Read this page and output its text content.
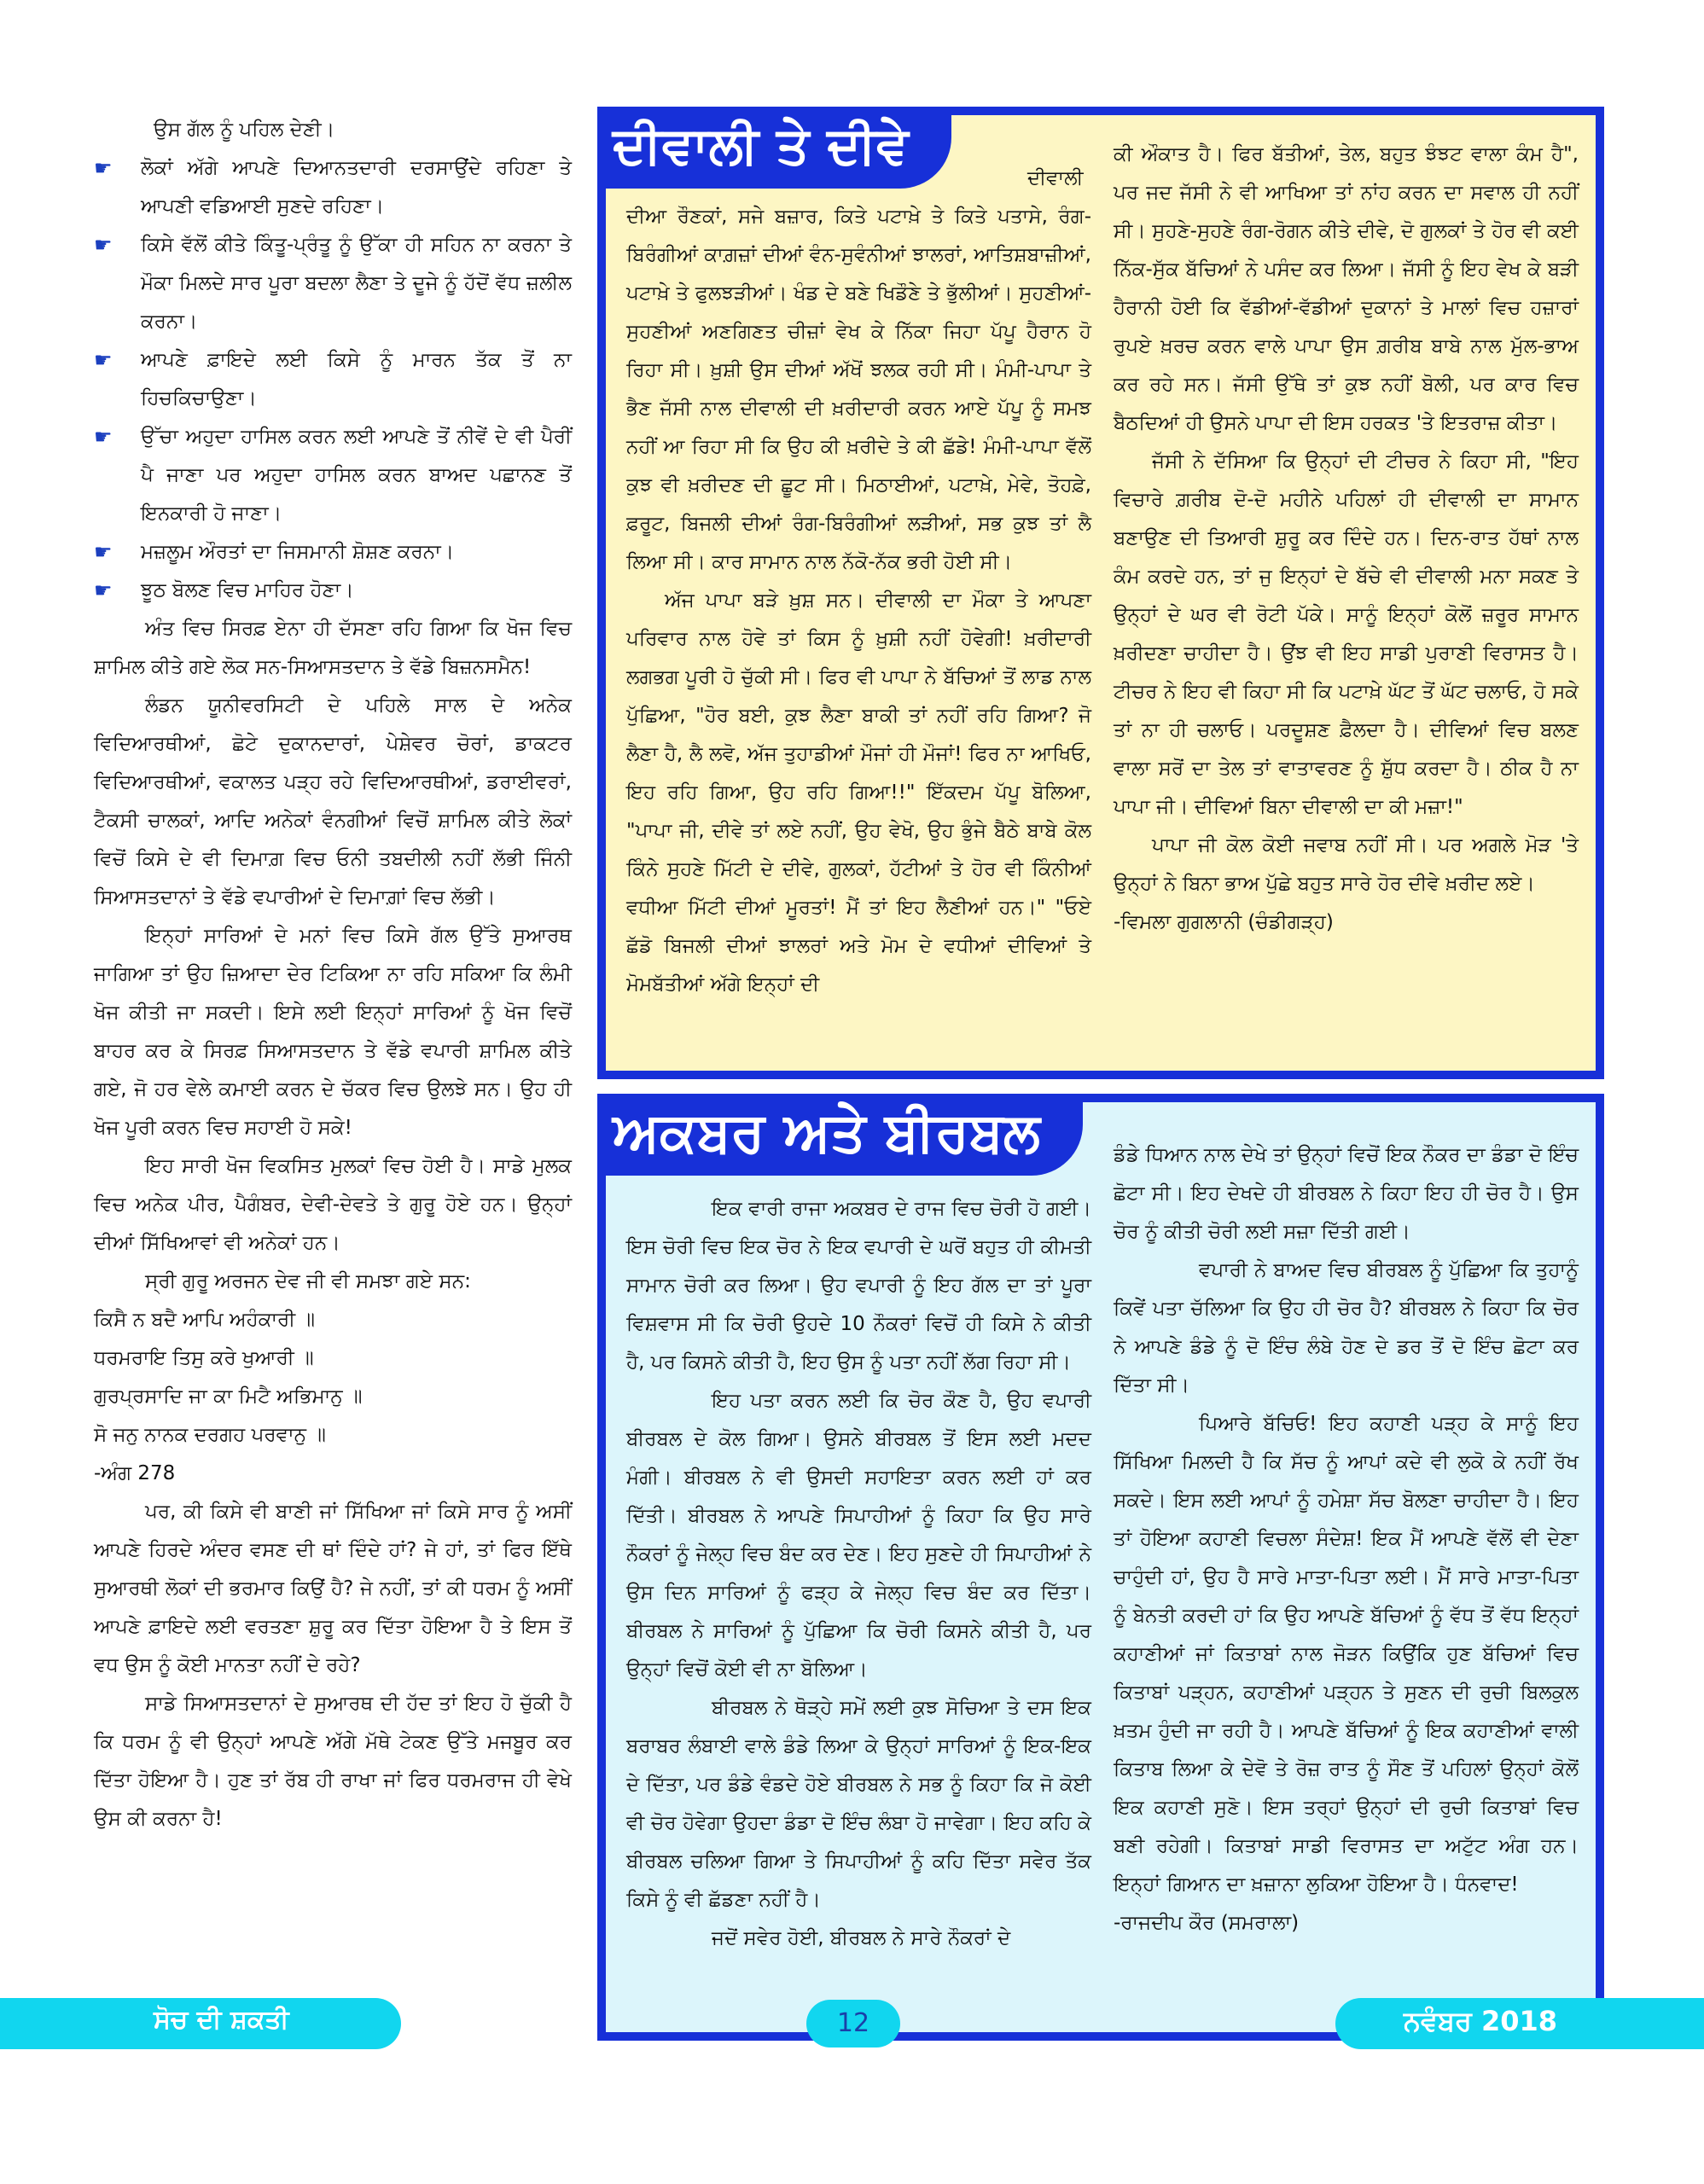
ਉਸ ਗੱਲ ਨੂੰ ਪਹਿਲ ਦੇਣੀ।

☛	ਲੋਕਾਂ ਅੱਗੇ ਆਪਣੇ ਦਿਆਨਤਦਾਰੀ ਦਰਸਾਉਂਦੇ ਰਹਿਣਾ ਤੇ ਆਪਣੀ ਵਡਿਆਈ ਸੁਣਦੇ ਰਹਿਣਾ।
☛	ਕਿਸੇ ਵੱਲੋਂ ਕੀਤੇ ਕਿੰਤੂ-ਪ੍ਰੰਤੂ ਨੂੰ ਉੱਕਾ ਹੀ ਸਹਿਨ ਨਾ ਕਰਨਾ ਤੇ ਮੌਕਾ ਮਿਲਦੇ ਸਾਰ ਪੂਰਾ ਬਦਲਾ ਲੈਣਾ ਤੇ ਦੂਜੇ ਨੂੰ ਹੱਦੋਂ ਵੱਧ ਜ਼ਲੀਲ ਕਰਨਾ।
☛	ਆਪਣੇ ਫ਼ਾਇਦੇ ਲਈ ਕਿਸੇ ਨੂੰ ਮਾਰਨ ਤੱਕ ਤੋਂ ਨਾ ਹਿਚਕਿਚਾਉਣਾ।
☛	ਉੱਚਾ ਅਹੁਦਾ ਹਾਸਿਲ ਕਰਨ ਲਈ ਆਪਣੇ ਤੋਂ ਨੀਵੇਂ ਦੇ ਵੀ ਪੈਰੀਂ ਪੈ ਜਾਣਾ ਪਰ ਅਹੁਦਾ ਹਾਸਿਲ ਕਰਨ ਬਾਅਦ ਪਛਾਨਣ ਤੋਂ ਇਨਕਾਰੀ ਹੋ ਜਾਣਾ।
☛	ਮਜ਼ਲੂਮ ਔਰਤਾਂ ਦਾ ਜਿਸਮਾਨੀ ਸ਼ੋਸ਼ਣ ਕਰਨਾ।
☛	ਝੂਠ ਬੋਲਣ ਵਿਚ ਮਾਹਿਰ ਹੋਣਾ।

ਅੰਤ ਵਿਚ ਸਿਰਫ਼ ਏਨਾ ਹੀ ਦੱਸਣਾ ਰਹਿ ਗਿਆ ਕਿ ਖੋਜ ਵਿਚ ਸ਼ਾਮਿਲ ਕੀਤੇ ਗਏ ਲੋਕ ਸਨ-ਸਿਆਸਤਦਾਨ ਤੇ ਵੱਡੇ ਬਿਜ਼ਨਸਮੈਨ!

ਲੰਡਨ ਯੂਨੀਵਰਸਿਟੀ ਦੇ ਪਹਿਲੇ ਸਾਲ ਦੇ ਅਨੇਕ ਵਿਦਿਆਰਥੀਆਂ, ਛੋਟੇ ਦੁਕਾਨਦਾਰਾਂ, ਪੇਸ਼ੇਵਰ ਚੋਰਾਂ, ਡਾਕਟਰ ਵਿਦਿਆਰਥੀਆਂ, ਵਕਾਲਤ ਪੜ੍ਹ ਰਹੇ ਵਿਦਿਆਰਥੀਆਂ, ਡਰਾਈਵਰਾਂ, ਟੈਕਸੀ ਚਾਲਕਾਂ, ਆਦਿ ਅਨੇਕਾਂ ਵੰਨਗੀਆਂ ਵਿਚੋਂ ਸ਼ਾਮਿਲ ਕੀਤੇ ਲੋਕਾਂ ਵਿਚੋਂ ਕਿਸੇ ਦੇ ਵੀ ਦਿਮਾਗ਼ ਵਿਚ ਓਨੀ ਤਬਦੀਲੀ ਨਹੀਂ ਲੱਭੀ ਜਿੰਨੀ ਸਿਆਸਤਦਾਨਾਂ ਤੇ ਵੱਡੇ ਵਪਾਰੀਆਂ ਦੇ ਦਿਮਾਗ਼ਾਂ ਵਿਚ ਲੱਭੀ।

ਇਨ੍ਹਾਂ ਸਾਰਿਆਂ ਦੇ ਮਨਾਂ ਵਿਚ ਕਿਸੇ ਗੱਲ ਉੱਤੇ ਸੁਆਰਥ ਜਾਗਿਆ ਤਾਂ ਉਹ ਜ਼ਿਆਦਾ ਦੇਰ ਟਿਕਿਆ ਨਾ ਰਹਿ ਸਕਿਆ ਕਿ ਲੰਮੀ ਖੋਜ ਕੀਤੀ ਜਾ ਸਕਦੀ। ਇਸੇ ਲਈ ਇਨ੍ਹਾਂ ਸਾਰਿਆਂ ਨੂੰ ਖੋਜ ਵਿਚੋਂ ਬਾਹਰ ਕਰ ਕੇ ਸਿਰਫ਼ ਸਿਆਸਤਦਾਨ ਤੇ ਵੱਡੇ ਵਪਾਰੀ ਸ਼ਾਮਿਲ ਕੀਤੇ ਗਏ, ਜੋ ਹਰ ਵੇਲੇ ਕਮਾਈ ਕਰਨ ਦੇ ਚੱਕਰ ਵਿਚ ਉਲਝੇ ਸਨ। ਉਹ ਹੀ ਖੋਜ ਪੂਰੀ ਕਰਨ ਵਿਚ ਸਹਾਈ ਹੋ ਸਕੇ!

ਇਹ ਸਾਰੀ ਖੋਜ ਵਿਕਸਿਤ ਮੁਲਕਾਂ ਵਿਚ ਹੋਈ ਹੈ। ਸਾਡੇ ਮੁਲਕ ਵਿਚ ਅਨੇਕ ਪੀਰ, ਪੈਗੰਬਰ, ਦੇਵੀ-ਦੇਵਤੇ ਤੇ ਗੁਰੂ ਹੋਏ ਹਨ। ਉਨ੍ਹਾਂ ਦੀਆਂ ਸਿੱਖਿਆਵਾਂ ਵੀ ਅਨੇਕਾਂ ਹਨ।

ਸ੍ਰੀ ਗੁਰੂ ਅਰਜਨ ਦੇਵ ਜੀ ਵੀ ਸਮਝਾ ਗਏ ਸਨ:

ਕਿਸੈ ਨ ਬਦੈ ਆਪਿ ਅਹੰਕਾਰੀ ॥

ਧਰਮਰਾਇ ਤਿਸੁ ਕਰੇ ਖੁਆਰੀ ॥

ਗੁਰਪ੍ਰਸਾਦਿ ਜਾ ਕਾ ਮਿਟੈ ਅਭਿਮਾਨੁ ॥

ਸੋ ਜਨੁ ਨਾਨਕ ਦਰਗਹ ਪਰਵਾਨੁ ॥

-ਅੰਗ 278

ਪਰ, ਕੀ ਕਿਸੇ ਵੀ ਬਾਣੀ ਜਾਂ ਸਿੱਖਿਆ ਜਾਂ ਕਿਸੇ ਸਾਰ ਨੂੰ ਅਸੀਂ ਆਪਣੇ ਹਿਰਦੇ ਅੰਦਰ ਵਸਣ ਦੀ ਥਾਂ ਦਿੰਦੇ ਹਾਂ? ਜੇ ਹਾਂ, ਤਾਂ ਫਿਰ ਇੱਥੇ ਸੁਆਰਥੀ ਲੋਕਾਂ ਦੀ ਭਰਮਾਰ ਕਿਉਂ ਹੈ? ਜੇ ਨਹੀਂ, ਤਾਂ ਕੀ ਧਰਮ ਨੂੰ ਅਸੀਂ ਆਪਣੇ ਫ਼ਾਇਦੇ ਲਈ ਵਰਤਣਾ ਸ਼ੁਰੂ ਕਰ ਦਿੱਤਾ ਹੋਇਆ ਹੈ ਤੇ ਇਸ ਤੋਂ ਵਧ ਉਸ ਨੂੰ ਕੋਈ ਮਾਨਤਾ ਨਹੀਂ ਦੇ ਰਹੇ?

ਸਾਡੇ ਸਿਆਸਤਦਾਨਾਂ ਦੇ ਸੁਆਰਥ ਦੀ ਹੱਦ ਤਾਂ ਇਹ ਹੋ ਚੁੱਕੀ ਹੈ ਕਿ ਧਰਮ ਨੂੰ ਵੀ ਉਨ੍ਹਾਂ ਆਪਣੇ ਅੱਗੇ ਮੱਥੇ ਟੇਕਣ ਉੱਤੇ ਮਜਬੂਰ ਕਰ ਦਿੱਤਾ ਹੋਇਆ ਹੈ। ਹੁਣ ਤਾਂ ਰੱਬ ਹੀ ਰਾਖਾ ਜਾਂ ਫਿਰ ਧਰਮਰਾਜ ਹੀ ਵੇਖੇ ਉਸ ਕੀ ਕਰਨਾ ਹੈ!

ਦੀਵਾਲੀ ਦੀਆ ਰੌਣਕਾਂ, ਸਜੇ ਬਜ਼ਾਰ, ਕਿਤੇ ਪਟਾਖ਼ੇ ਤੇ ਕਿਤੇ ਪਤਾਸੇ, ਰੰਗ-ਬਿਰੰਗੀਆਂ ਕਾਗ਼ਜ਼ਾਂ ਦੀਆਂ ਵੰਨ-ਸੁਵੰਨੀਆਂ ਝਾਲਰਾਂ, ਆਤਿਸ਼ਬਾਜ਼ੀਆਂ, ਪਟਾਖ਼ੇ ਤੇ ਫੁਲਝੜੀਆਂ। ਖੰਡ ਦੇ ਬਣੇ ਖਿਡੌਣੇ ਤੇ ਭੁੱਲੀਆਂ। ਸੁਹਣੀਆਂ-ਸੁਹਣੀਆਂ ਅਣਗਿਣਤ ਚੀਜ਼ਾਂ ਵੇਖ ਕੇ ਨਿੱਕਾ ਜਿਹਾ ਪੱਪੂ ਹੈਰਾਨ ਹੋ ਰਿਹਾ ਸੀ। ਖ਼ੁਸ਼ੀ ਉਸ ਦੀਆਂ ਅੱਖੋਂ ਝਲਕ ਰਹੀ ਸੀ। ਮੰਮੀ-ਪਾਪਾ ਤੇ ਭੈਣ ਜੱਸੀ ਨਾਲ ਦੀਵਾਲੀ ਦੀ ਖ਼ਰੀਦਾਰੀ ਕਰਨ ਆਏ ਪੱਪੂ ਨੂੰ ਸਮਝ ਨਹੀਂ ਆ ਰਿਹਾ ਸੀ ਕਿ ਉਹ ਕੀ ਖ਼ਰੀਦੇ ਤੇ ਕੀ ਛੱਡੇ! ਮੰਮੀ-ਪਾਪਾ ਵੱਲੋਂ ਕੁਝ ਵੀ ਖ਼ਰੀਦਣ ਦੀ ਛੂਟ ਸੀ। ਮਿਠਾਈਆਂ, ਪਟਾਖ਼ੇ, ਮੇਵੇ, ਤੋਹਫ਼ੇ, ਫ਼ਰੂਟ, ਬਿਜਲੀ ਦੀਆਂ ਰੰਗ-ਬਿਰੰਗੀਆਂ ਲੜੀਆਂ, ਸਭ ਕੁਝ ਤਾਂ ਲੈ ਲਿਆ ਸੀ। ਕਾਰ ਸਾਮਾਨ ਨਾਲ ਨੱਕੋ-ਨੱਕ ਭਰੀ ਹੋਈ ਸੀ।

ਅੱਜ ਪਾਪਾ ਬੜੇ ਖ਼ੁਸ਼ ਸਨ। ਦੀਵਾਲੀ ਦਾ ਮੌਕਾ ਤੇ ਆਪਣਾ ਪਰਿਵਾਰ ਨਾਲ ਹੋਵੇ ਤਾਂ ਕਿਸ ਨੂੰ ਖ਼ੁਸ਼ੀ ਨਹੀਂ ਹੋਵੇਗੀ! ਖ਼ਰੀਦਾਰੀ ਲਗਭਗ ਪੂਰੀ ਹੋ ਚੁੱਕੀ ਸੀ। ਫਿਰ ਵੀ ਪਾਪਾ ਨੇ ਬੱਚਿਆਂ ਤੋਂ ਲਾਡ ਨਾਲ ਪੁੱਛਿਆ, "ਹੋਰ ਬਈ, ਕੁਝ ਲੈਣਾ ਬਾਕੀ ਤਾਂ ਨਹੀਂ ਰਹਿ ਗਿਆ? ਜੋ ਲੈਣਾ ਹੈ, ਲੈ ਲਵੋ, ਅੱਜ ਤੁਹਾਡੀਆਂ ਮੌਜਾਂ ਹੀ ਮੌਜਾਂ! ਫਿਰ ਨਾ ਆਖਿਓ, ਇਹ ਰਹਿ ਗਿਆ, ਉਹ ਰਹਿ ਗਿਆ!!" ਇੱਕਦਮ ਪੱਪੂ ਬੋਲਿਆ, "ਪਾਪਾ ਜੀ, ਦੀਵੇ ਤਾਂ ਲਏ ਨਹੀਂ, ਉਹ ਵੇਖੋ, ਉਹ ਭੁੰਜੇ ਬੈਠੇ ਬਾਬੇ ਕੋਲ ਕਿੰਨੇ ਸੁਹਣੇ ਮਿੱਟੀ ਦੇ ਦੀਵੇ, ਗੁਲਕਾਂ, ਹੱਟੀਆਂ ਤੇ ਹੋਰ ਵੀ ਕਿੰਨੀਆਂ ਵਧੀਆ ਮਿੱਟੀ ਦੀਆਂ ਮੂਰਤਾਂ! ਮੈਂ ਤਾਂ ਇਹ ਲੈਣੀਆਂ ਹਨ।" "ਓਏ ਛੱਡੋ ਬਿਜਲੀ ਦੀਆਂ ਝਾਲਰਾਂ ਅਤੇ ਮੋਮ ਦੇ ਵਧੀਆਂ ਦੀਵਿਆਂ ਤੇ ਮੋਮਬੱਤੀਆਂ ਅੱਗੇ ਇਨ੍ਹਾਂ ਦੀ

ਕੀ ਔਕਾਤ ਹੈ। ਫਿਰ ਬੱਤੀਆਂ, ਤੇਲ, ਬਹੁਤ ਝੰਝਟ ਵਾਲਾ ਕੰਮ ਹੈ", ਪਰ ਜਦ ਜੱਸੀ ਨੇ ਵੀ ਆਖਿਆ ਤਾਂ ਨਾਂਹ ਕਰਨ ਦਾ ਸਵਾਲ ਹੀ ਨਹੀਂ ਸੀ। ਸੁਹਣੇ-ਸੁਹਣੇ ਰੰਗ-ਰੋਗਨ ਕੀਤੇ ਦੀਵੇ, ਦੋ ਗੁਲਕਾਂ ਤੇ ਹੋਰ ਵੀ ਕਈ ਨਿੱਕ-ਸੁੱਕ ਬੱਚਿਆਂ ਨੇ ਪਸੰਦ ਕਰ ਲਿਆ। ਜੱਸੀ ਨੂੰ ਇਹ ਵੇਖ ਕੇ ਬੜੀ ਹੈਰਾਨੀ ਹੋਈ ਕਿ ਵੱਡੀਆਂ-ਵੱਡੀਆਂ ਦੁਕਾਨਾਂ ਤੇ ਮਾਲਾਂ ਵਿਚ ਹਜ਼ਾਰਾਂ ਰੁਪਏ ਖ਼ਰਚ ਕਰਨ ਵਾਲੇ ਪਾਪਾ ਉਸ ਗ਼ਰੀਬ ਬਾਬੇ ਨਾਲ ਮੁੱਲ-ਭਾਅ ਕਰ ਰਹੇ ਸਨ। ਜੱਸੀ ਉੱਥੇ ਤਾਂ ਕੁਝ ਨਹੀਂ ਬੋਲੀ, ਪਰ ਕਾਰ ਵਿਚ ਬੈਠਦਿਆਂ ਹੀ ਉਸਨੇ ਪਾਪਾ ਦੀ ਇਸ ਹਰਕਤ 'ਤੇ ਇਤਰਾਜ਼ ਕੀਤਾ।

ਜੱਸੀ ਨੇ ਦੱਸਿਆ ਕਿ ਉਨ੍ਹਾਂ ਦੀ ਟੀਚਰ ਨੇ ਕਿਹਾ ਸੀ, "ਇਹ ਵਿਚਾਰੇ ਗ਼ਰੀਬ ਦੋ-ਦੋ ਮਹੀਨੇ ਪਹਿਲਾਂ ਹੀ ਦੀਵਾਲੀ ਦਾ ਸਾਮਾਨ ਬਣਾਉਣ ਦੀ ਤਿਆਰੀ ਸ਼ੁਰੂ ਕਰ ਦਿੰਦੇ ਹਨ। ਦਿਨ-ਰਾਤ ਹੱਥਾਂ ਨਾਲ ਕੰਮ ਕਰਦੇ ਹਨ, ਤਾਂ ਜੁ ਇਨ੍ਹਾਂ ਦੇ ਬੱਚੇ ਵੀ ਦੀਵਾਲੀ ਮਨਾ ਸਕਣ ਤੇ ਉਨ੍ਹਾਂ ਦੇ ਘਰ ਵੀ ਰੋਟੀ ਪੱਕੇ। ਸਾਨੂੰ ਇਨ੍ਹਾਂ ਕੋਲੋਂ ਜ਼ਰੂਰ ਸਾਮਾਨ ਖ਼ਰੀਦਣਾ ਚਾਹੀਦਾ ਹੈ। ਉਂਝ ਵੀ ਇਹ ਸਾਡੀ ਪੁਰਾਣੀ ਵਿਰਾਸਤ ਹੈ। ਟੀਚਰ ਨੇ ਇਹ ਵੀ ਕਿਹਾ ਸੀ ਕਿ ਪਟਾਖ਼ੇ ਘੱਟ ਤੋਂ ਘੱਟ ਚਲਾਓ, ਹੋ ਸਕੇ ਤਾਂ ਨਾ ਹੀ ਚਲਾਓ। ਪਰਦੂਸ਼ਣ ਫ਼ੈਲਦਾ ਹੈ। ਦੀਵਿਆਂ ਵਿਚ ਬਲਣ ਵਾਲਾ ਸਰੋਂ ਦਾ ਤੇਲ ਤਾਂ ਵਾਤਾਵਰਣ ਨੂੰ ਸ਼ੁੱਧ ਕਰਦਾ ਹੈ। ਠੀਕ ਹੈ ਨਾ ਪਾਪਾ ਜੀ। ਦੀਵਿਆਂ ਬਿਨਾ ਦੀਵਾਲੀ ਦਾ ਕੀ ਮਜ਼ਾ!"

ਪਾਪਾ ਜੀ ਕੋਲ ਕੋਈ ਜਵਾਬ ਨਹੀਂ ਸੀ। ਪਰ ਅਗਲੇ ਮੋੜ 'ਤੇ ਉਨ੍ਹਾਂ ਨੇ ਬਿਨਾ ਭਾਅ ਪੁੱਛੇ ਬਹੁਤ ਸਾਰੇ ਹੋਰ ਦੀਵੇ ਖ਼ਰੀਦ ਲਏ।

-ਵਿਮਲਾ ਗੁਗਲਾਨੀ (ਚੰਡੀਗੜ੍ਹ)

ਦੀਵਾਲੀ ਤੇ ਦੀਵੇ

ਇਕ ਵਾਰੀ ਰਾਜਾ ਅਕਬਰ ਦੇ ਰਾਜ ਵਿਚ ਚੋਰੀ ਹੋ ਗਈ। ਇਸ ਚੋਰੀ ਵਿਚ ਇਕ ਚੋਰ ਨੇ ਇਕ ਵਪਾਰੀ ਦੇ ਘਰੋਂ ਬਹੁਤ ਹੀ ਕੀਮਤੀ ਸਾਮਾਨ ਚੋਰੀ ਕਰ ਲਿਆ। ਉਹ ਵਪਾਰੀ ਨੂੰ ਇਹ ਗੱਲ ਦਾ ਤਾਂ ਪੂਰਾ ਵਿਸ਼ਵਾਸ ਸੀ ਕਿ ਚੋਰੀ ਉਹਦੇ 10 ਨੌਕਰਾਂ ਵਿਚੋਂ ਹੀ ਕਿਸੇ ਨੇ ਕੀਤੀ ਹੈ, ਪਰ ਕਿਸਨੇ ਕੀਤੀ ਹੈ, ਇਹ ਉਸ ਨੂੰ ਪਤਾ ਨਹੀਂ ਲੱਗ ਰਿਹਾ ਸੀ।

ਇਹ ਪਤਾ ਕਰਨ ਲਈ ਕਿ ਚੋਰ ਕੌਣ ਹੈ, ਉਹ ਵਪਾਰੀ ਬੀਰਬਲ ਦੇ ਕੋਲ ਗਿਆ। ਉਸਨੇ ਬੀਰਬਲ ਤੋਂ ਇਸ ਲਈ ਮਦਦ ਮੰਗੀ। ਬੀਰਬਲ ਨੇ ਵੀ ਉਸਦੀ ਸਹਾਇਤਾ ਕਰਨ ਲਈ ਹਾਂ ਕਰ ਦਿੱਤੀ। ਬੀਰਬਲ ਨੇ ਆਪਣੇ ਸਿਪਾਹੀਆਂ ਨੂੰ ਕਿਹਾ ਕਿ ਉਹ ਸਾਰੇ ਨੌਕਰਾਂ ਨੂੰ ਜੇਲ੍ਹ ਵਿਚ ਬੰਦ ਕਰ ਦੇਣ। ਇਹ ਸੁਣਦੇ ਹੀ ਸਿਪਾਹੀਆਂ ਨੇ ਉਸ ਦਿਨ ਸਾਰਿਆਂ ਨੂੰ ਫੜ੍ਹ ਕੇ ਜੇਲ੍ਹ ਵਿਚ ਬੰਦ ਕਰ ਦਿੱਤਾ। ਬੀਰਬਲ ਨੇ ਸਾਰਿਆਂ ਨੂੰ ਪੁੱਛਿਆ ਕਿ ਚੋਰੀ ਕਿਸਨੇ ਕੀਤੀ ਹੈ, ਪਰ ਉਨ੍ਹਾਂ ਵਿਚੋਂ ਕੋਈ ਵੀ ਨਾ ਬੋਲਿਆ।

ਬੀਰਬਲ ਨੇ ਥੋੜ੍ਹੇ ਸਮੇਂ ਲਈ ਕੁਝ ਸੋਚਿਆ ਤੇ ਦਸ ਇਕ ਬਰਾਬਰ ਲੰਬਾਈ ਵਾਲੇ ਡੰਡੇ ਲਿਆ ਕੇ ਉਨ੍ਹਾਂ ਸਾਰਿਆਂ ਨੂੰ ਇਕ-ਇਕ ਦੇ ਦਿੱਤਾ, ਪਰ ਡੰਡੇ ਵੰਡਦੇ ਹੋਏ ਬੀਰਬਲ ਨੇ ਸਭ ਨੂੰ ਕਿਹਾ ਕਿ ਜੋ ਕੋਈ ਵੀ ਚੋਰ ਹੋਵੇਗਾ ਉਹਦਾ ਡੰਡਾ ਦੋ ਇੰਚ ਲੰਬਾ ਹੋ ਜਾਵੇਗਾ। ਇਹ ਕਹਿ ਕੇ ਬੀਰਬਲ ਚਲਿਆ ਗਿਆ ਤੇ ਸਿਪਾਹੀਆਂ ਨੂੰ ਕਹਿ ਦਿੱਤਾ ਸਵੇਰ ਤੱਕ ਕਿਸੇ ਨੂੰ ਵੀ ਛੱਡਣਾ ਨਹੀਂ ਹੈ।

ਜਦੋਂ ਸਵੇਰ ਹੋਈ, ਬੀਰਬਲ ਨੇ ਸਾਰੇ ਨੌਕਰਾਂ ਦੇ

ਡੰਡੇ ਧਿਆਨ ਨਾਲ ਦੇਖੇ ਤਾਂ ਉਨ੍ਹਾਂ ਵਿਚੋਂ ਇਕ ਨੌਕਰ ਦਾ ਡੰਡਾ ਦੋ ਇੰਚ ਛੋਟਾ ਸੀ। ਇਹ ਦੇਖਦੇ ਹੀ ਬੀਰਬਲ ਨੇ ਕਿਹਾ ਇਹ ਹੀ ਚੋਰ ਹੈ। ਉਸ ਚੋਰ ਨੂੰ ਕੀਤੀ ਚੋਰੀ ਲਈ ਸਜ਼ਾ ਦਿੱਤੀ ਗਈ।

ਵਪਾਰੀ ਨੇ ਬਾਅਦ ਵਿਚ ਬੀਰਬਲ ਨੂੰ ਪੁੱਛਿਆ ਕਿ ਤੁਹਾਨੂੰ ਕਿਵੇਂ ਪਤਾ ਚੱਲਿਆ ਕਿ ਉਹ ਹੀ ਚੋਰ ਹੈ? ਬੀਰਬਲ ਨੇ ਕਿਹਾ ਕਿ ਚੋਰ ਨੇ ਆਪਣੇ ਡੰਡੇ ਨੂੰ ਦੋ ਇੰਚ ਲੰਬੇ ਹੋਣ ਦੇ ਡਰ ਤੋਂ ਦੋ ਇੰਚ ਛੋਟਾ ਕਰ ਦਿੱਤਾ ਸੀ।

ਪਿਆਰੇ ਬੱਚਿਓ! ਇਹ ਕਹਾਣੀ ਪੜ੍ਹ ਕੇ ਸਾਨੂੰ ਇਹ ਸਿੱਖਿਆ ਮਿਲਦੀ ਹੈ ਕਿ ਸੱਚ ਨੂੰ ਆਪਾਂ ਕਦੇ ਵੀ ਲੁਕੋ ਕੇ ਨਹੀਂ ਰੱਖ ਸਕਦੇ। ਇਸ ਲਈ ਆਪਾਂ ਨੂੰ ਹਮੇਸ਼ਾ ਸੱਚ ਬੋਲਣਾ ਚਾਹੀਦਾ ਹੈ। ਇਹ ਤਾਂ ਹੋਇਆ ਕਹਾਣੀ ਵਿਚਲਾ ਸੰਦੇਸ਼! ਇਕ ਮੈਂ ਆਪਣੇ ਵੱਲੋਂ ਵੀ ਦੇਣਾ ਚਾਹੁੰਦੀ ਹਾਂ, ਉਹ ਹੈ ਸਾਰੇ ਮਾਤਾ-ਪਿਤਾ ਲਈ। ਮੈਂ ਸਾਰੇ ਮਾਤਾ-ਪਿਤਾ ਨੂੰ ਬੇਨਤੀ ਕਰਦੀ ਹਾਂ ਕਿ ਉਹ ਆਪਣੇ ਬੱਚਿਆਂ ਨੂੰ ਵੱਧ ਤੋਂ ਵੱਧ ਇਨ੍ਹਾਂ ਕਹਾਣੀਆਂ ਜਾਂ ਕਿਤਾਬਾਂ ਨਾਲ ਜੋੜਨ ਕਿਉਂਕਿ ਹੁਣ ਬੱਚਿਆਂ ਵਿਚ ਕਿਤਾਬਾਂ ਪੜ੍ਹਨ, ਕਹਾਣੀਆਂ ਪੜ੍ਹਨ ਤੇ ਸੁਣਨ ਦੀ ਰੁਚੀ ਬਿਲਕੁਲ ਖ਼ਤਮ ਹੁੰਦੀ ਜਾ ਰਹੀ ਹੈ। ਆਪਣੇ ਬੱਚਿਆਂ ਨੂੰ ਇਕ ਕਹਾਣੀਆਂ ਵਾਲੀ ਕਿਤਾਬ ਲਿਆ ਕੇ ਦੇਵੋ ਤੇ ਰੋਜ਼ ਰਾਤ ਨੂੰ ਸੌਣ ਤੋਂ ਪਹਿਲਾਂ ਉਨ੍ਹਾਂ ਕੋਲੋਂ ਇਕ ਕਹਾਣੀ ਸੁਣੋ। ਇਸ ਤਰ੍ਹਾਂ ਉਨ੍ਹਾਂ ਦੀ ਰੁਚੀ ਕਿਤਾਬਾਂ ਵਿਚ ਬਣੀ ਰਹੇਗੀ। ਕਿਤਾਬਾਂ ਸਾਡੀ ਵਿਰਾਸਤ ਦਾ ਅਟੁੱਟ ਅੰਗ ਹਨ। ਇਨ੍ਹਾਂ ਗਿਆਨ ਦਾ ਖ਼ਜ਼ਾਨਾ ਲੁਕਿਆ ਹੋਇਆ ਹੈ। ਧੰਨਵਾਦ!

-ਰਾਜਦੀਪ ਕੌਰ (ਸਮਰਾਲਾ)

ਅਕਬਰ ਅਤੇ ਬੀਰਬਲ
ਸੋਚ ਦੀ ਸ਼ਕਤੀ	12	ਨਵੰਬਰ 2018
